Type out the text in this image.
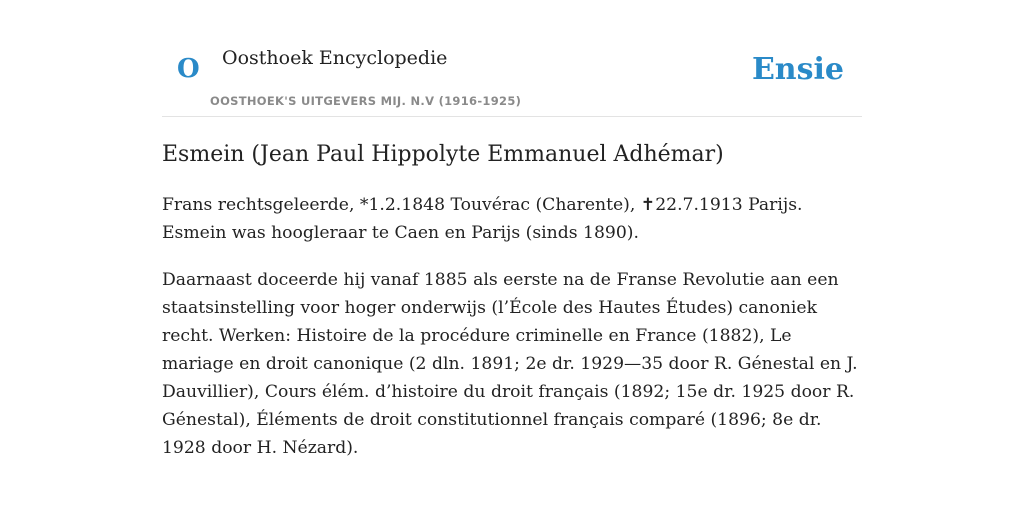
O Oosthoek Encyclopedie
OOSTHOEK'S UITGEVERS MIJ. N.V (1916-1925)
Ensie
Esmein (Jean Paul Hippolyte Emmanuel Adhémar)

Frans rechtsgeleerde, *1.2.1848 Touvérac (Charente), ✝22.7.1913 Parijs. Esmein was hoogleraar te Caen en Parijs (sinds 1890).

Daarnaast doceerde hij vanaf 1885 als eerste na de Franse Revolutie aan een staatsinstelling voor hoger onderwijs (l’École des Hautes Études) canoniek recht. Werken: Histoire de la procédure criminelle en France (1882), Le mariage en droit canonique (2 dln. 1891; 2e dr. 1929—35 door R. Génestal en J. Dauvillier), Cours élém. d’histoire du droit français (1892; 15e dr. 1925 door R. Génestal), Éléments de droit constitutionnel français comparé (1896; 8e dr. 1928 door H. Nézard).
